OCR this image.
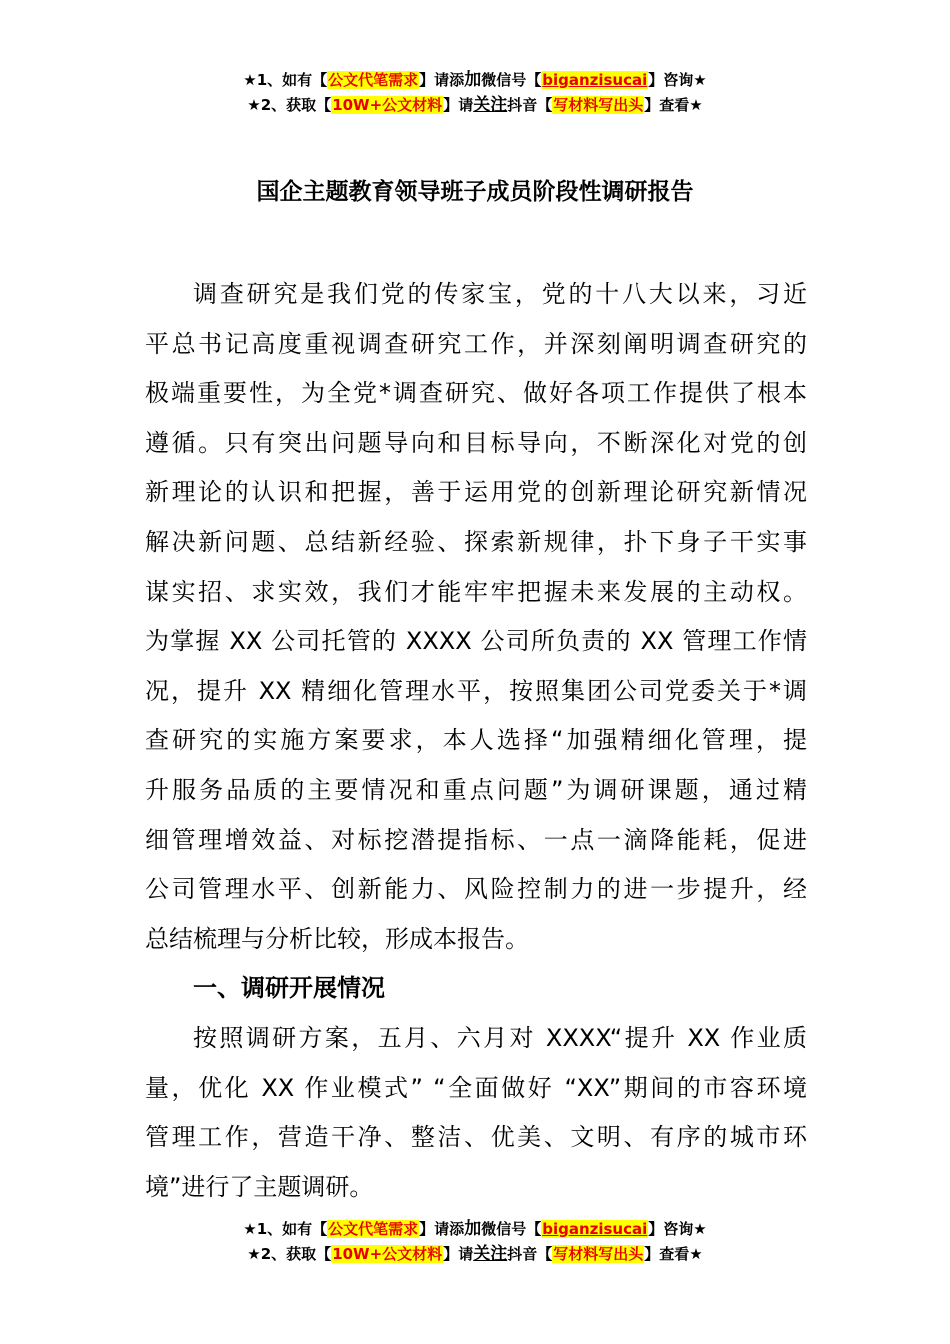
★1、如有【公文代笔需求】请添加微信号【biganzisucai】咨询★
★2、获取【10W+公文材料】请关注抖音【写材料写出头】查看★
国企主题教育领导班子成员阶段性调研报告
调查研究是我们党的传家宝，党的十八大以来，习近
平总书记高度重视调查研究工作，并深刻阐明调查研究的
极端重要性，为全党*调查研究、做好各项工作提供了根本
遵循。只有突出问题导向和目标导向，不断深化对党的创
新理论的认识和把握，善于运用党的创新理论研究新情况
解决新问题、总结新经验、探索新规律，扑下身子干实事
谋实招、求实效，我们才能牢牢把握未来发展的主动权。
为掌握 XX 公司托管的 XXXX 公司所负责的 XX 管理工作情
况，提升 XX 精细化管理水平，按照集团公司党委关于*调
查研究的实施方案要求，本人选择“加强精细化管理，提
升服务品质的主要情况和重点问题”为调研课题，通过精
细管理增效益、对标挖潜提指标、一点一滴降能耗，促进
公司管理水平、创新能力、风险控制力的进一步提升，经
总结梳理与分析比较，形成本报告。
一、调研开展情况
按照调研方案，五月、六月对 XXXX“提升 XX 作业质
量，优化 XX 作业模式” “全面做好 “XX”期间的市容环境
管理工作，营造干净、整洁、优美、文明、有序的城市环
境”进行了主题调研。
★1、如有【公文代笔需求】请添加微信号【biganzisucai】咨询★
★2、获取【10W+公文材料】请关注抖音【写材料写出头】查看★
